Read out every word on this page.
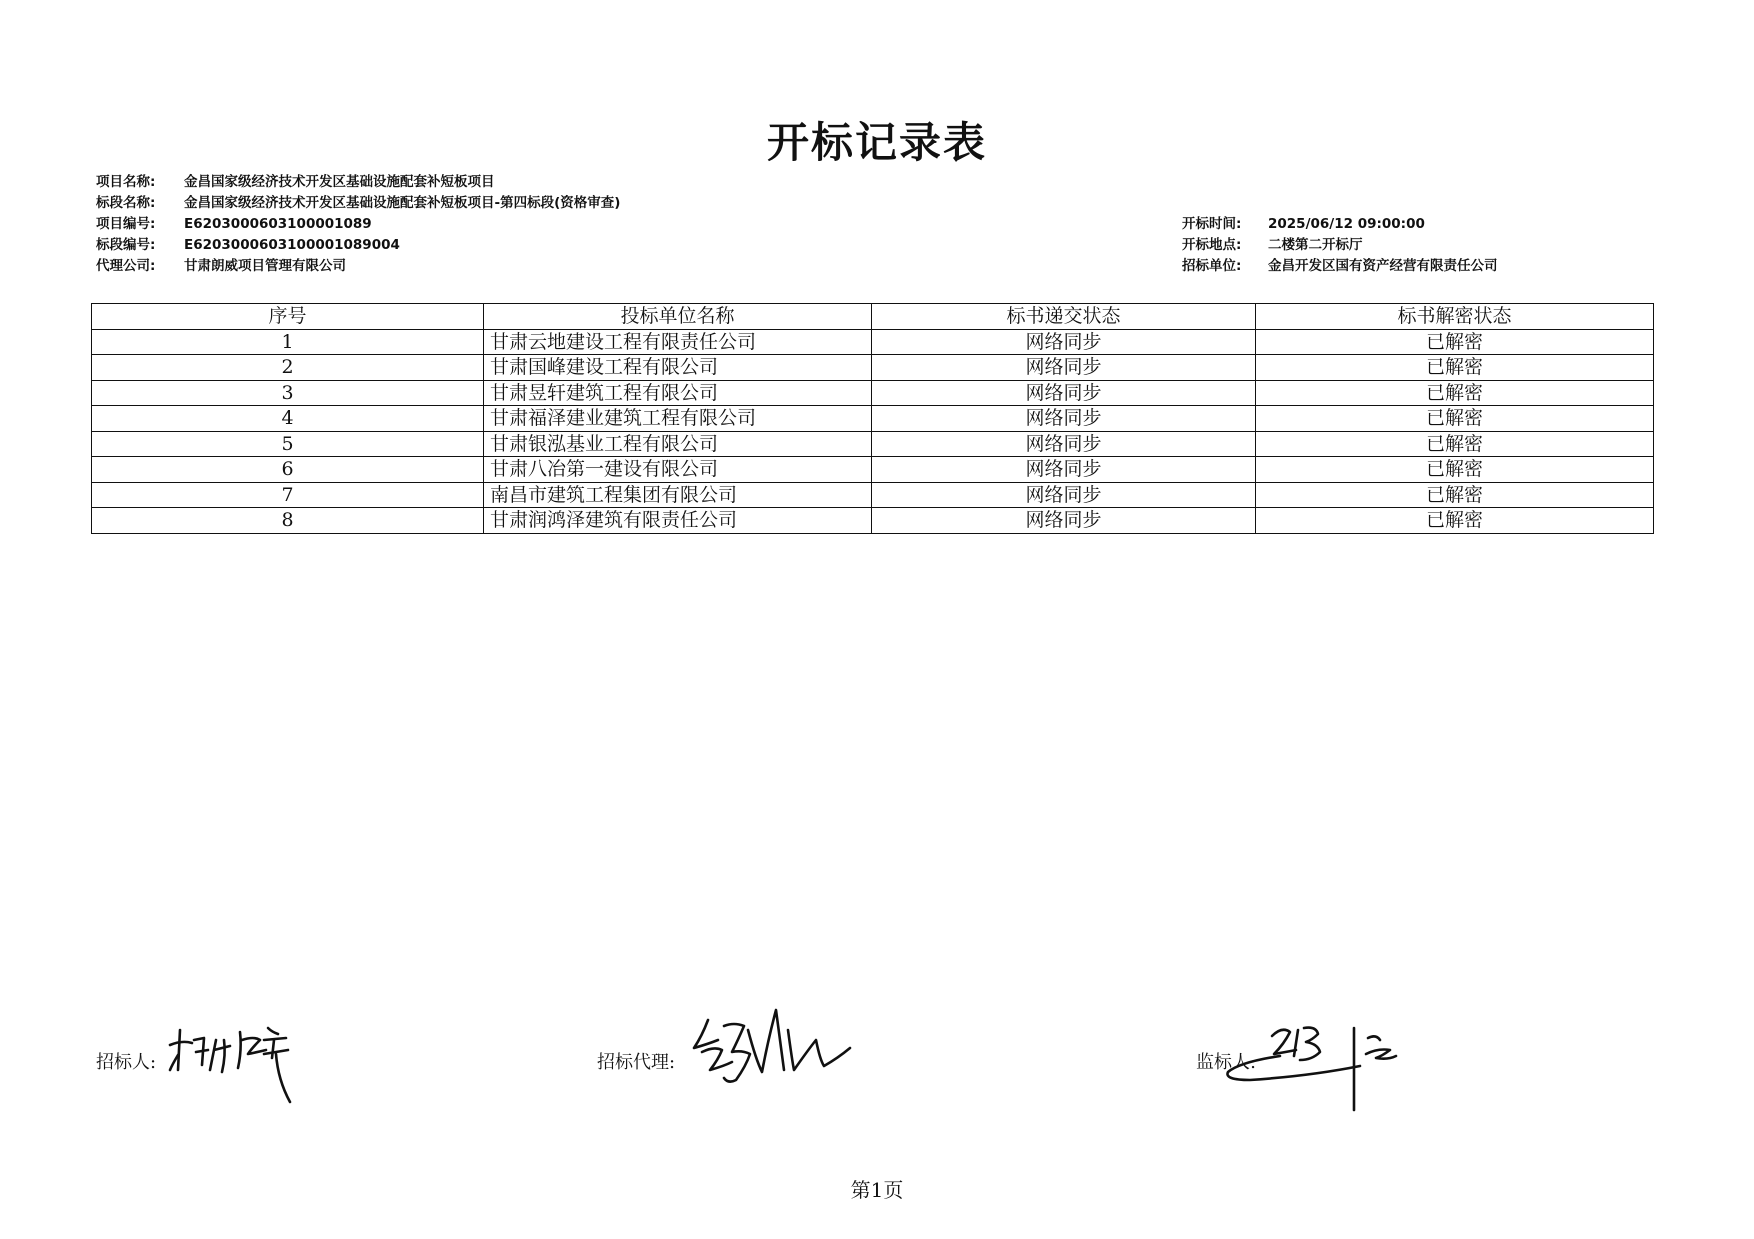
开标记录表
项目名称:	金昌国家级经济技术开发区基础设施配套补短板项目
标段名称:	金昌国家级经济技术开发区基础设施配套补短板项目-第四标段(资格审查)
项目编号:	E6203000603100001089
标段编号:	E6203000603100001089004
代理公司:	甘肃朗威项目管理有限公司
开标时间:	2025/06/12 09:00:00
开标地点:	二楼第二开标厅
招标单位:	金昌开发区国有资产经营有限责任公司
序号	投标单位名称	标书递交状态	标书解密状态
1	甘肃云地建设工程有限责任公司	网络同步	已解密
2	甘肃国峰建设工程有限公司	网络同步	已解密
3	甘肃昱轩建筑工程有限公司	网络同步	已解密
4	甘肃福泽建业建筑工程有限公司	网络同步	已解密
5	甘肃银泓基业工程有限公司	网络同步	已解密
6	甘肃八冶第一建设有限公司	网络同步	已解密
7	南昌市建筑工程集团有限公司	网络同步	已解密
8	甘肃润鸿泽建筑有限责任公司	网络同步	已解密
招标人:	招标代理:	监标人:
第1页
